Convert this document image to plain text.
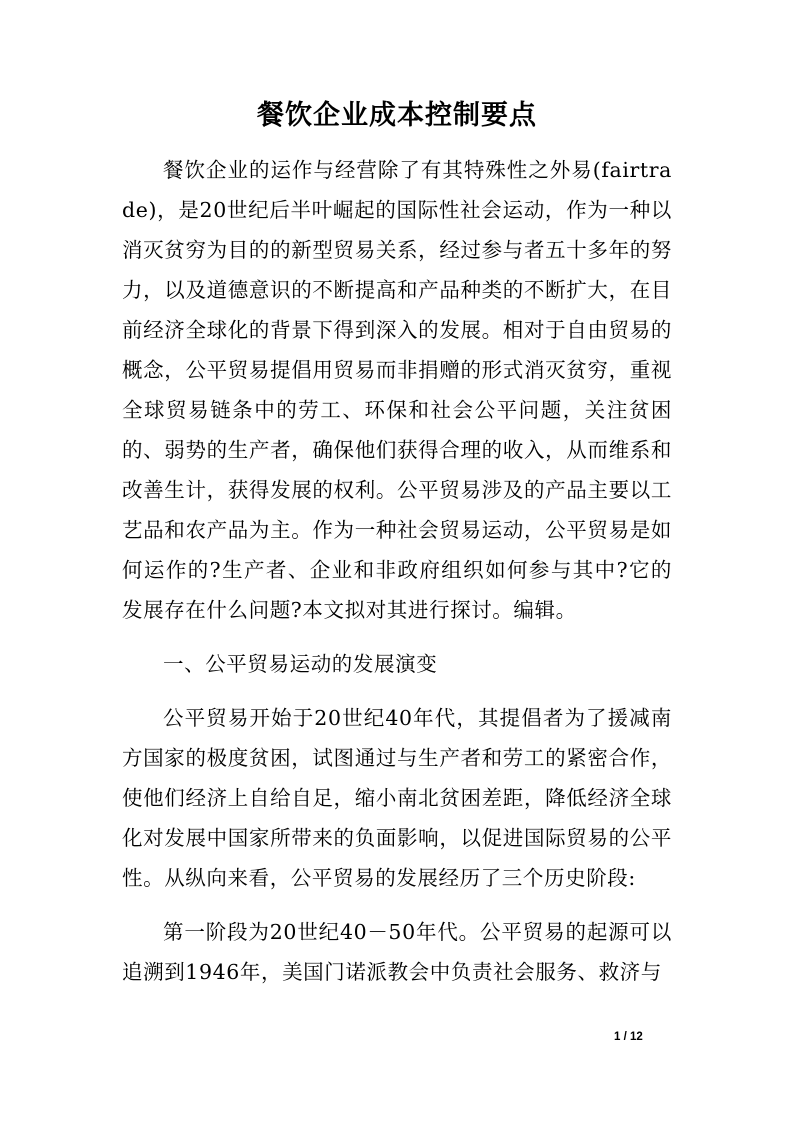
餐饮企业成本控制要点

餐饮企业的运作与经营除了有其特殊性之外易(fairtrade)，是20世纪后半叶崛起的国际性社会运动，作为一种以消灭贫穷为目的的新型贸易关系，经过参与者五十多年的努力，以及道德意识的不断提高和产品种类的不断扩大，在目前经济全球化的背景下得到深入的发展。相对于自由贸易的概念，公平贸易提倡用贸易而非捐赠的形式消灭贫穷，重视全球贸易链条中的劳工、环保和社会公平问题，关注贫困的、弱势的生产者，确保他们获得合理的收入，从而维系和改善生计，获得发展的权利。公平贸易涉及的产品主要以工艺品和农产品为主。作为一种社会贸易运动，公平贸易是如何运作的?生产者、企业和非政府组织如何参与其中?它的发展存在什么问题?本文拟对其进行探讨。编辑。

一、公平贸易运动的发展演变

公平贸易开始于20世纪40年代，其提倡者为了援减南方国家的极度贫困，试图通过与生产者和劳工的紧密合作，使他们经济上自给自足，缩小南北贫困差距，降低经济全球化对发展中国家所带来的负面影响，以促进国际贸易的公平性。从纵向来看，公平贸易的发展经历了三个历史阶段:

第一阶段为20世纪40－50年代。公平贸易的起源可以追溯到1946年，美国门诺派教会中负责社会服务、救济与

1 / 12
